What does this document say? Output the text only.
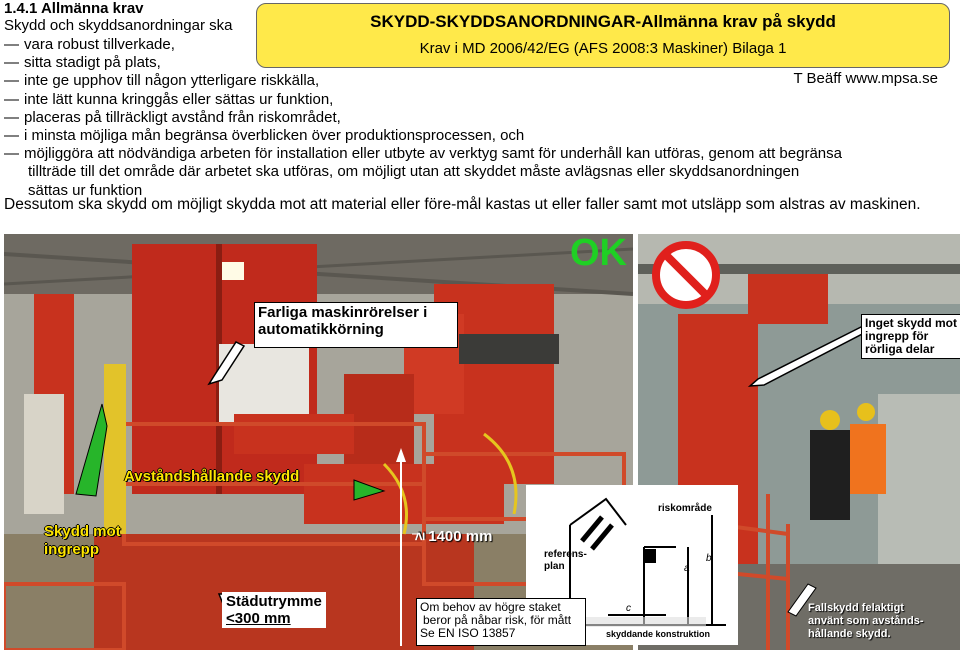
1.4.1 Allmänna krav
Skydd och skyddsanordningar ska
— vara robust tillverkade,
— sitta stadigt på plats,
— inte ge upphov till någon ytterligare riskkälla,
— inte lätt kunna kringgås eller sättas ur funktion,
— placeras på tillräckligt avstånd från riskområdet,
— i minsta möjliga mån begränsa överblicken över produktionsprocessen, och
— möjliggöra att nödvändiga arbeten för installation eller utbyte av verktyg samt för underhåll kan utföras, genom att begränsa
tillträde till det område där arbetet ska utföras, om möjligt utan att skyddet måste avlägsnas eller skyddsanordningen
sättas ur funktion
Dessutom ska skydd om möjligt skydda mot att material eller före-mål kastas ut eller faller samt mot utsläpp som alstras av maskinen.
SKYDD-SKYDDSANORDNINGAR-Allmänna krav på skydd
Krav i MD 2006/42/EG (AFS 2008:3 Maskiner) Bilaga 1
T Beäff www.mpsa.se
OK
Farliga maskinrörelser i automatikkörning	Inget skydd mot ingrepp för rörliga delar
Avståndshållande skydd
Skydd mot ingrepp
≥1400 mm
Städutrymme
<300 mm
riskområde
referens-plan	a
b
c
skyddande konstruktion
Om behov av högre staket
beror på nåbar risk, för mått
Se EN ISO 13857
Fallskydd felaktigt använt som avstånds-hållande skydd.
